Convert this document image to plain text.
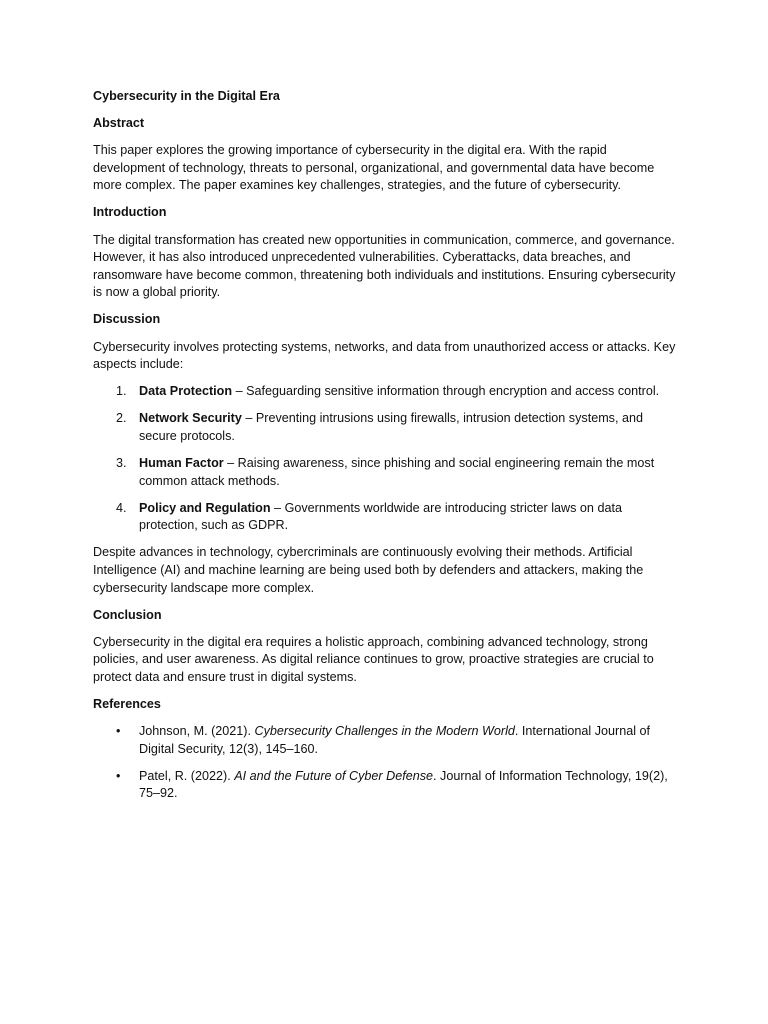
Cybersecurity in the Digital Era

Abstract

This paper explores the growing importance of cybersecurity in the digital era. With the rapid development of technology, threats to personal, organizational, and governmental data have become more complex. The paper examines key challenges, strategies, and the future of cybersecurity.

Introduction

The digital transformation has created new opportunities in communication, commerce, and governance. However, it has also introduced unprecedented vulnerabilities. Cyberattacks, data breaches, and ransomware have become common, threatening both individuals and institutions. Ensuring cybersecurity is now a global priority.

Discussion

Cybersecurity involves protecting systems, networks, and data from unauthorized access or attacks. Key aspects include:

1. Data Protection – Safeguarding sensitive information through encryption and access control.
2. Network Security – Preventing intrusions using firewalls, intrusion detection systems, and secure protocols.
3. Human Factor – Raising awareness, since phishing and social engineering remain the most common attack methods.
4. Policy and Regulation – Governments worldwide are introducing stricter laws on data protection, such as GDPR.

Despite advances in technology, cybercriminals are continuously evolving their methods. Artificial Intelligence (AI) and machine learning are being used both by defenders and attackers, making the cybersecurity landscape more complex.

Conclusion

Cybersecurity in the digital era requires a holistic approach, combining advanced technology, strong policies, and user awareness. As digital reliance continues to grow, proactive strategies are crucial to protect data and ensure trust in digital systems.

References

• Johnson, M. (2021). Cybersecurity Challenges in the Modern World. International Journal of Digital Security, 12(3), 145–160.
• Patel, R. (2022). AI and the Future of Cyber Defense. Journal of Information Technology, 19(2), 75–92.
